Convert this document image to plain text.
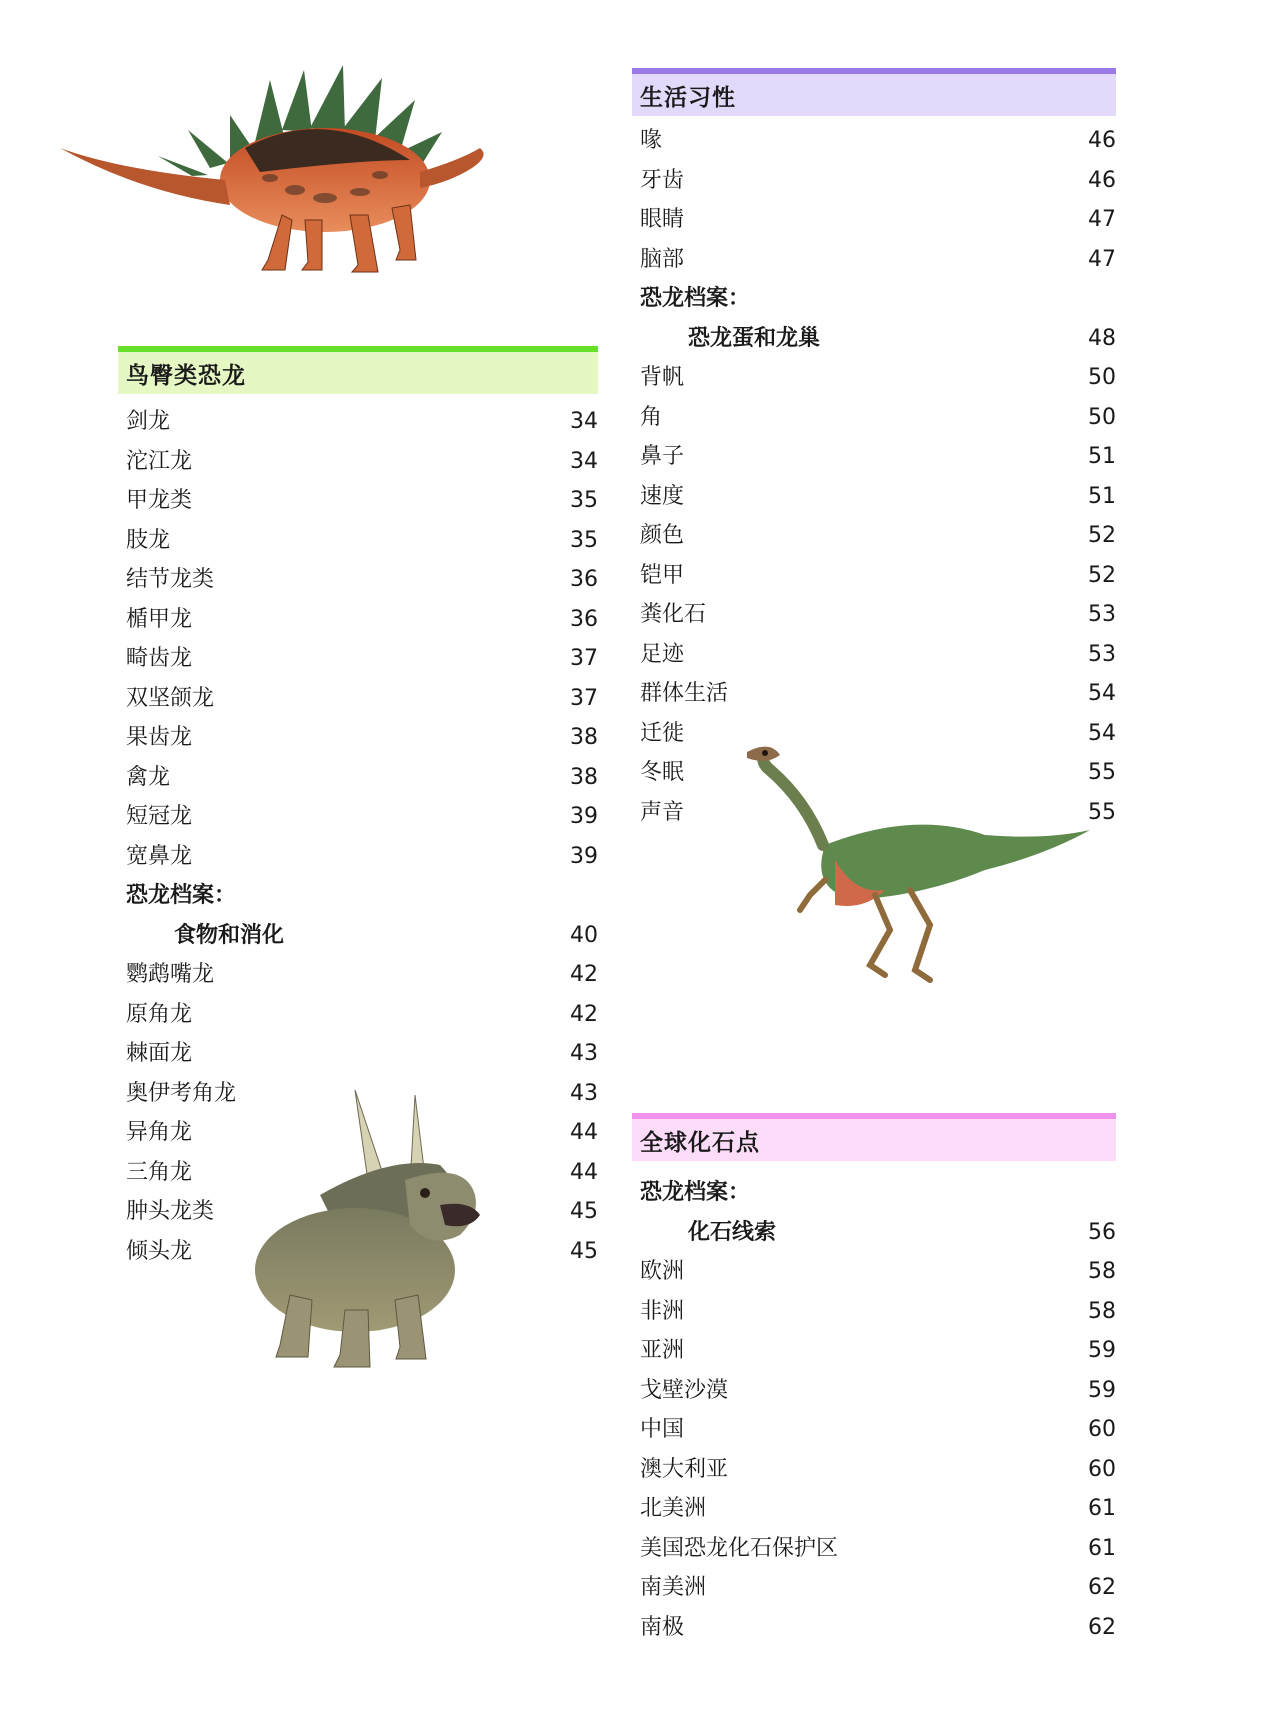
鸟臀类恐龙
剑龙	34
沱江龙	34
甲龙类	35
肢龙	35
结节龙类	36
楯甲龙	36
畸齿龙	37
双坚颌龙	37
果齿龙	38
禽龙	38
短冠龙	39
宽鼻龙	39
恐龙档案：
食物和消化	40
鹦鹉嘴龙	42
原角龙	42
棘面龙	43
奥伊考角龙	43
异角龙	44
三角龙	44
肿头龙类	45
倾头龙	45
生活习性
喙	46
牙齿	46
眼睛	47
脑部	47
恐龙档案：
恐龙蛋和龙巢	48
背帆	50
角	50
鼻子	51
速度	51
颜色	52
铠甲	52
粪化石	53
足迹	53
群体生活	54
迁徙	54
冬眠	55
声音	55
全球化石点
恐龙档案：
化石线索	56
欧洲	58
非洲	58
亚洲	59
戈壁沙漠	59
中国	60
澳大利亚	60
北美洲	61
美国恐龙化石保护区	61
南美洲	62
南极	62
